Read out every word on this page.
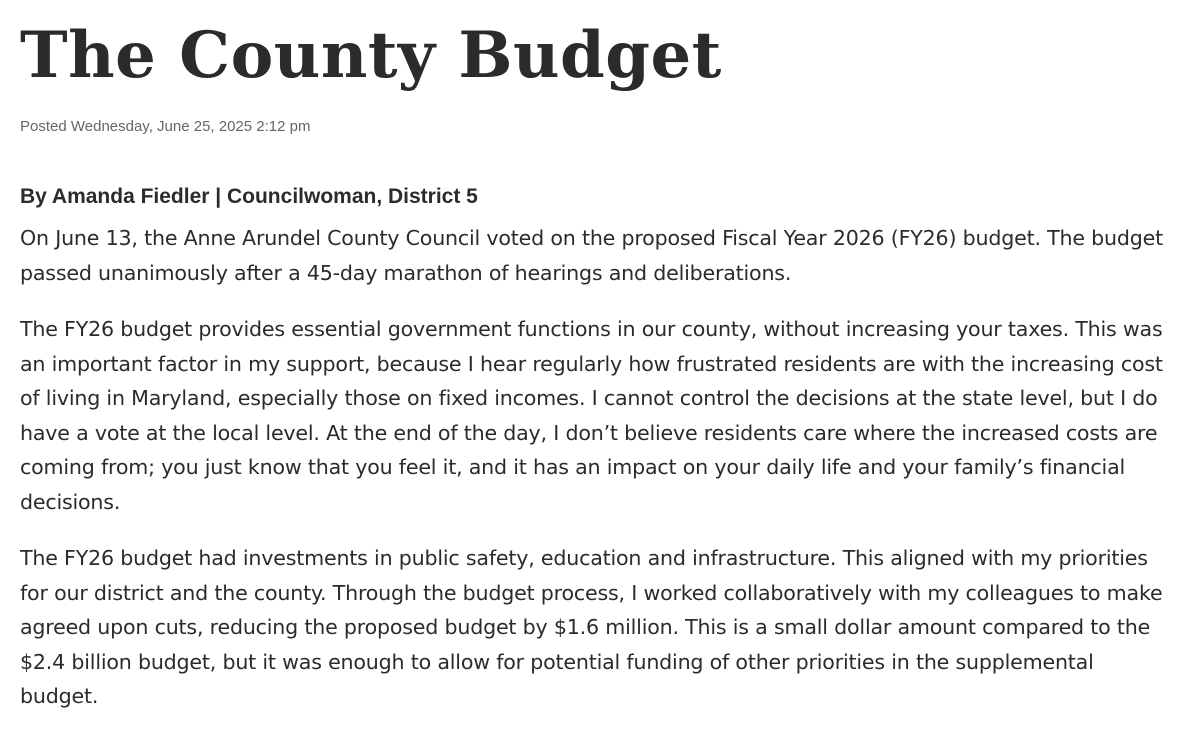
The County Budget
Posted Wednesday, June 25, 2025 2:12 pm
By Amanda Fiedler | Councilwoman, District 5

On June 13, the Anne Arundel County Council voted on the proposed Fiscal Year 2026 (FY26) budget. The budget passed unanimously after a 45-day marathon of hearings and deliberations.

The FY26 budget provides essential government functions in our county, without increasing your taxes. This was an important factor in my support, because I hear regularly how frustrated residents are with the increasing cost of living in Maryland, especially those on fixed incomes. I cannot control the decisions at the state level, but I do have a vote at the local level. At the end of the day, I don’t believe residents care where the increased costs are coming from; you just know that you feel it, and it has an impact on your daily life and your family’s financial decisions.

The FY26 budget had investments in public safety, education and infrastructure. This aligned with my priorities for our district and the county. Through the budget process, I worked collaboratively with my colleagues to make agreed upon cuts, reducing the proposed budget by $1.6 million. This is a small dollar amount compared to the $2.4 billion budget, but it was enough to allow for potential funding of other priorities in the supplemental budget.
